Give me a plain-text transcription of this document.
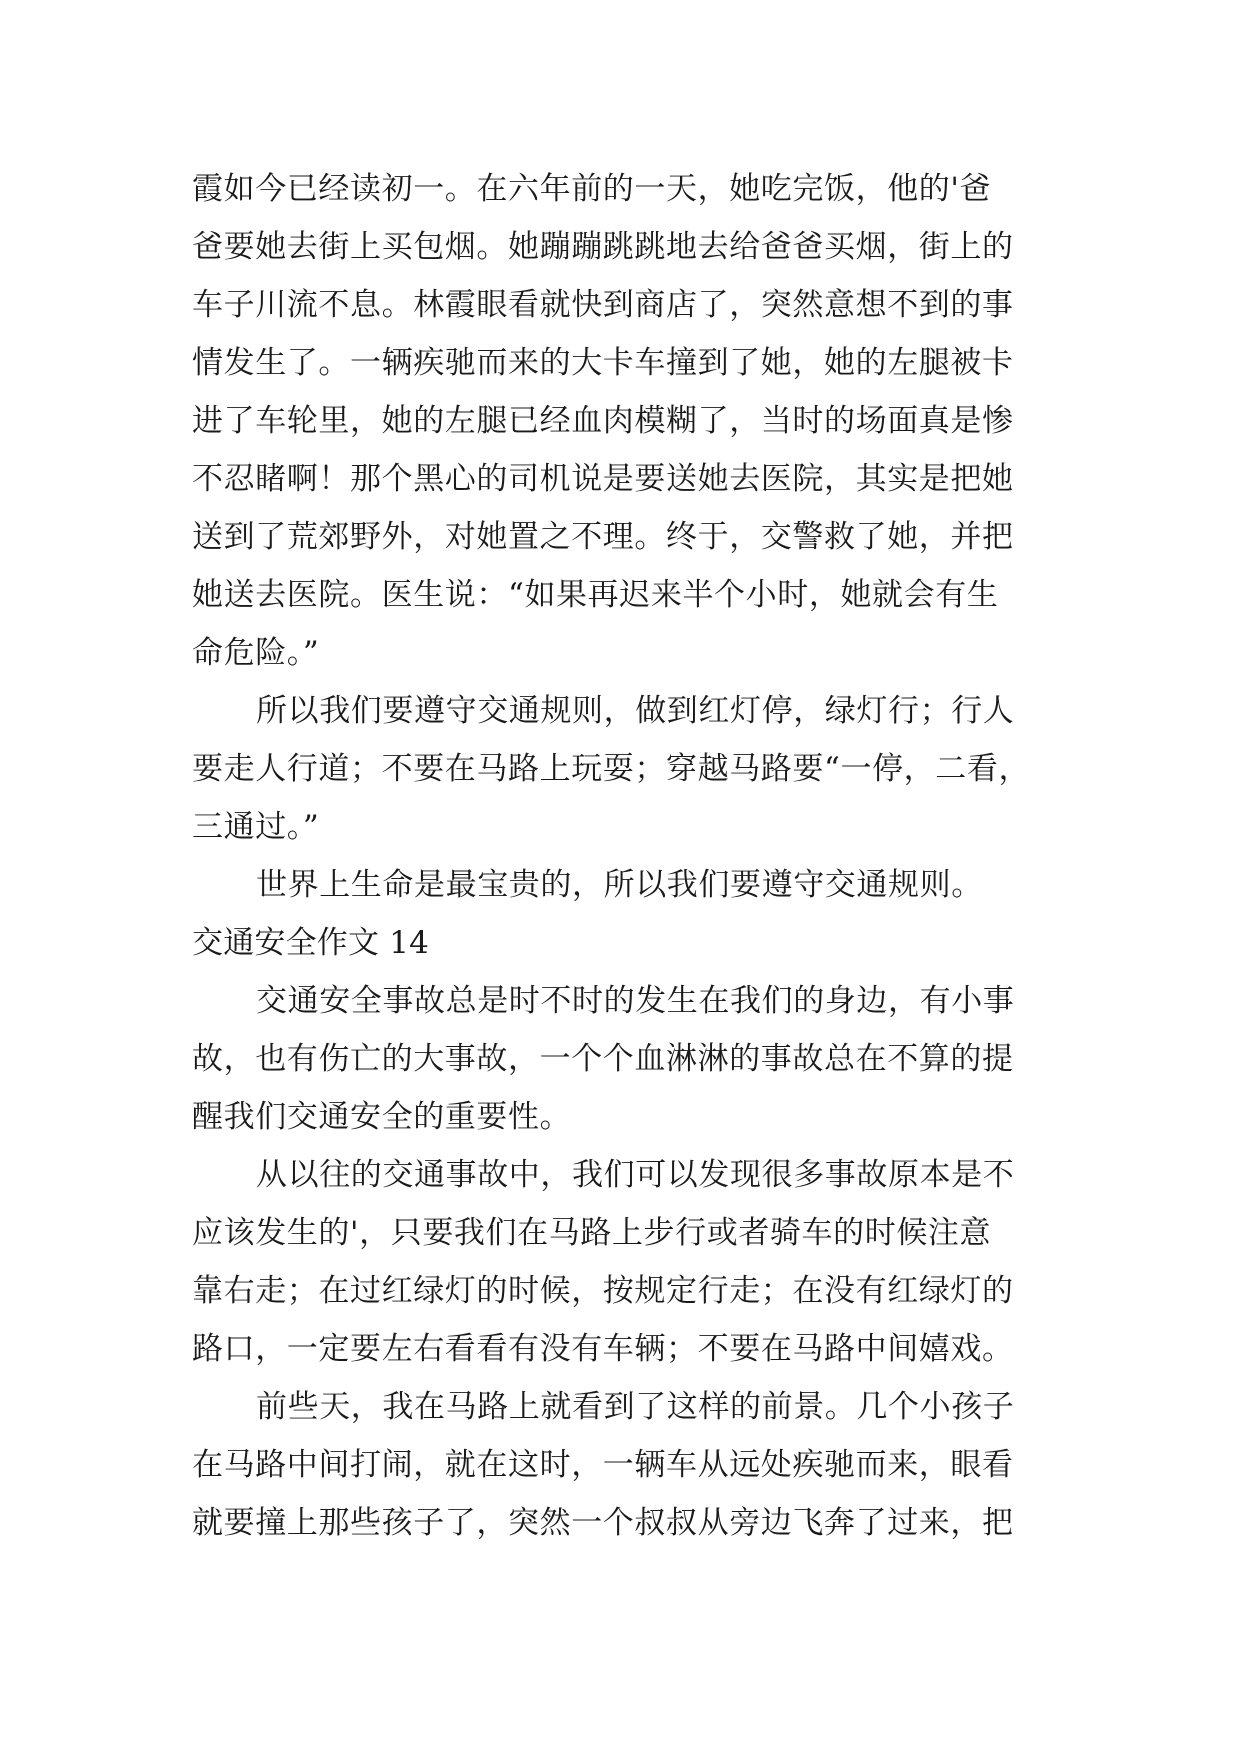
霞如今已经读初一。在六年前的一天，她吃完饭，他的'爸
爸要她去街上买包烟。她蹦蹦跳跳地去给爸爸买烟，街上的
车子川流不息。林霞眼看就快到商店了，突然意想不到的事
情发生了。一辆疾驰而来的大卡车撞到了她，她的左腿被卡
进了车轮里，她的左腿已经血肉模糊了，当时的场面真是惨
不忍睹啊！那个黑心的司机说是要送她去医院，其实是把她
送到了荒郊野外，对她置之不理。终于，交警救了她，并把
她送去医院。医生说：“如果再迟来半个小时，她就会有生
命危险。”
所以我们要遵守交通规则，做到红灯停，绿灯行；行人
要走人行道；不要在马路上玩耍；穿越马路要“一停，二看，
三通过。”
世界上生命是最宝贵的，所以我们要遵守交通规则。
交通安全作文 14
交通安全事故总是时不时的发生在我们的身边，有小事
故，也有伤亡的大事故，一个个血淋淋的事故总在不算的提
醒我们交通安全的重要性。
从以往的交通事故中，我们可以发现很多事故原本是不
应该发生的'，只要我们在马路上步行或者骑车的时候注意
靠右走；在过红绿灯的时候，按规定行走；在没有红绿灯的
路口，一定要左右看看有没有车辆；不要在马路中间嬉戏。
前些天，我在马路上就看到了这样的前景。几个小孩子
在马路中间打闹，就在这时，一辆车从远处疾驰而来，眼看
就要撞上那些孩子了，突然一个叔叔从旁边飞奔了过来，把
